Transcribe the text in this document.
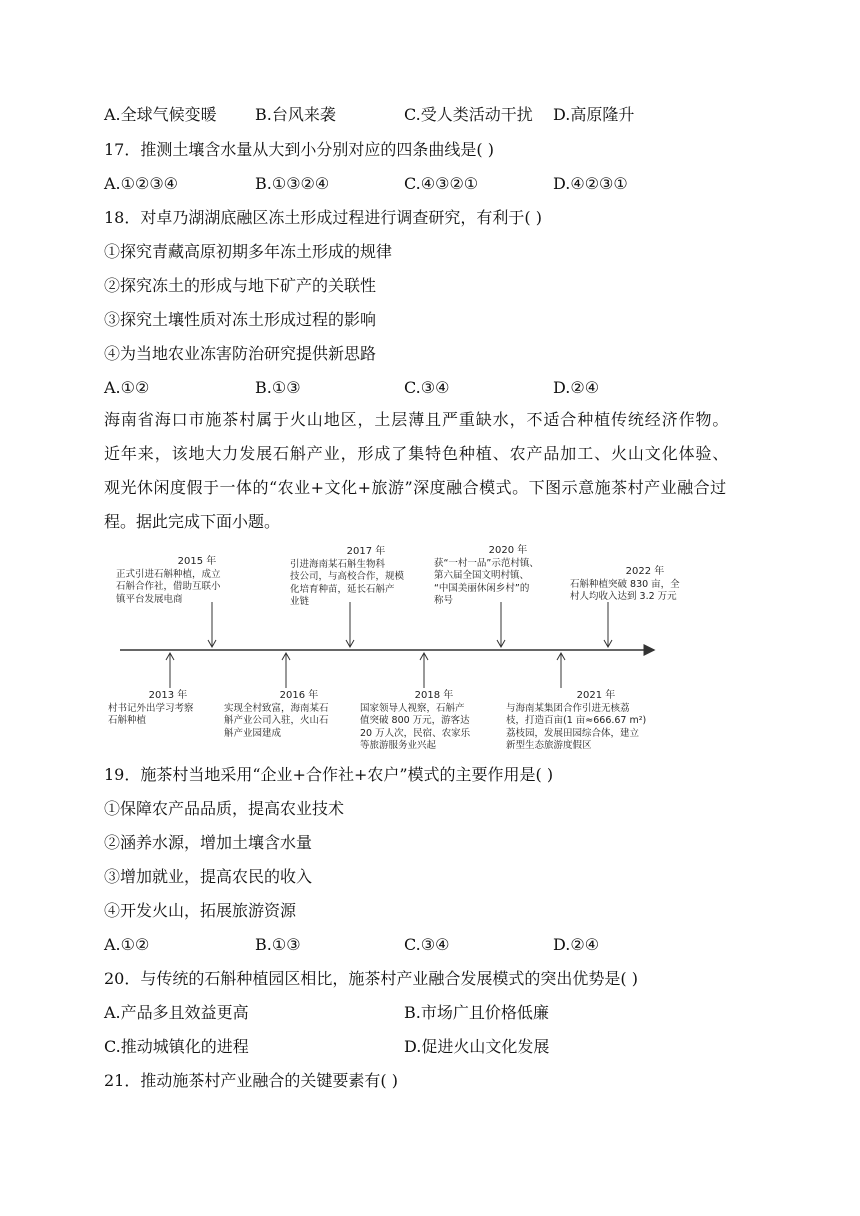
A.全球气候变暖 B.台风来袭	C.受人类活动干扰 D.高原隆升
17．推测土壤含水量从大到小分别对应的四条曲线是( )
A.①②③④	B.①③②④	C.④③②①	D.④②③①
18．对卓乃湖湖底融区冻土形成过程进行调查研究，有利于( )
①探究青藏高原初期多年冻土形成的规律
②探究冻土的形成与地下矿产的关联性
③探究土壤性质对冻土形成过程的影响
④为当地农业冻害防治研究提供新思路
A.①②	B.①③	C.③④	D.②④
海南省海口市施茶村属于火山地区，土层薄且严重缺水，不适合种植传统经济作物。
近年来，该地大力发展石斛产业，形成了集特色种植、农产品加工、火山文化体验、
观光休闲度假于一体的“农业+文化+旅游”深度融合模式。下图示意施茶村产业融合过
程。据此完成下面小题。
2015 年
正式引进石斛种植，成立
石斛合作社，借助互联小
镇平台发展电商
2017 年
引进海南某石斛生物科
技公司，与高校合作，规模
化培育种苗，延长石斛产
业链
2020 年
获“一村一品”示范村镇、
第六届全国文明村镇、
“中国美丽休闲乡村”的
称号
2022 年
石斛种植突破 830 亩，全
村人均收入达到 3.2 万元
2013 年
村书记外出学习考察
石斛种植
2016 年
实现全村致富，海南某石
斛产业公司入驻，火山石
斛产业园建成
2018 年
国家领导人视察，石斛产
值突破 800 万元，游客达
20 万人次，民宿、农家乐
等旅游服务业兴起
2021 年
与海南某集团合作引进无核荔
枝，打造百亩(1 亩≈666.67 m²)
荔枝园，发展田园综合体，建立
新型生态旅游度假区
19．施茶村当地采用“企业+合作社+农户”模式的主要作用是( )
①保障农产品品质，提高农业技术
②涵养水源，增加土壤含水量
③增加就业，提高农民的收入
④开发火山，拓展旅游资源
A.①②	B.①③	C.③④	D.②④
20．与传统的石斛种植园区相比，施茶村产业融合发展模式的突出优势是( )
A.产品多且效益更高	B.市场广且价格低廉
C.推动城镇化的进程	D.促进火山文化发展
21．推动施茶村产业融合的关键要素有( )
